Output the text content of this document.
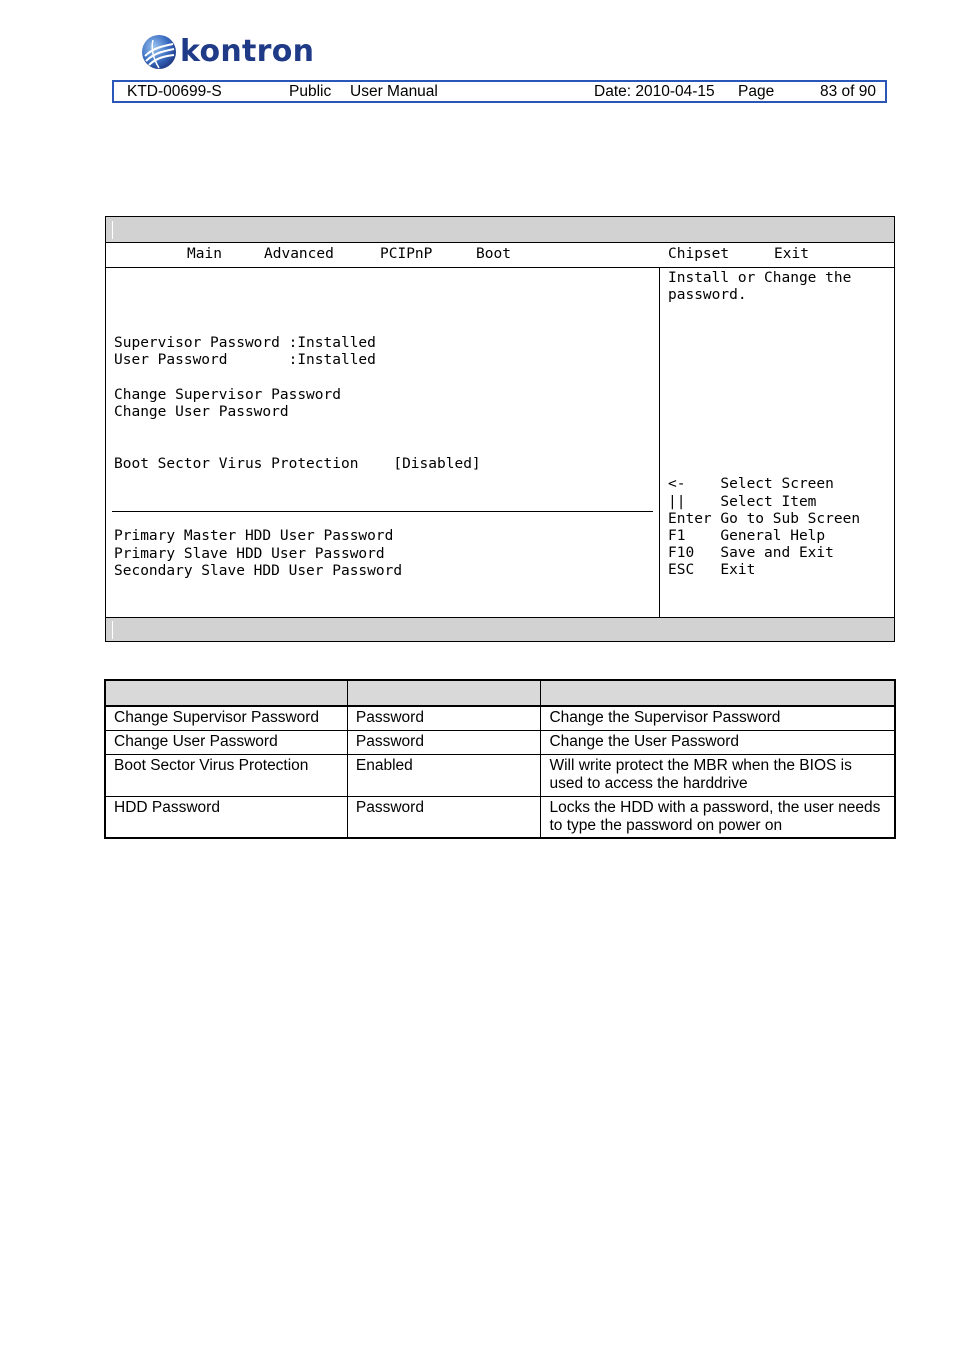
kontron
KTD-00699-S	Public User Manual	Date: 2010-04-15 Page	83 of 90
Main	Advanced	PCIPnP	Boot	Chipset	Exit
Supervisor Password :Installed
User Password       :Installed
Change Supervisor Password
Change User Password
Boot Sector Virus Protection    [Disabled]
Primary Master HDD User Password
Primary Slave HDD User Password
Secondary Slave HDD User Password
Install or Change the
password.
<-    Select Screen
||    Select Item
Enter Go to Sub Screen
F1    General Help
F10   Save and Exit
ESC   Exit

Change Supervisor Password	Password	Change the Supervisor Password
Change User Password	Password	Change the User Password
Boot Sector Virus Protection	Enabled	Will write protect the MBR when the BIOS is used to access the harddrive
HDD Password	Password	Locks the HDD with a password, the user needs to type the password on power on
